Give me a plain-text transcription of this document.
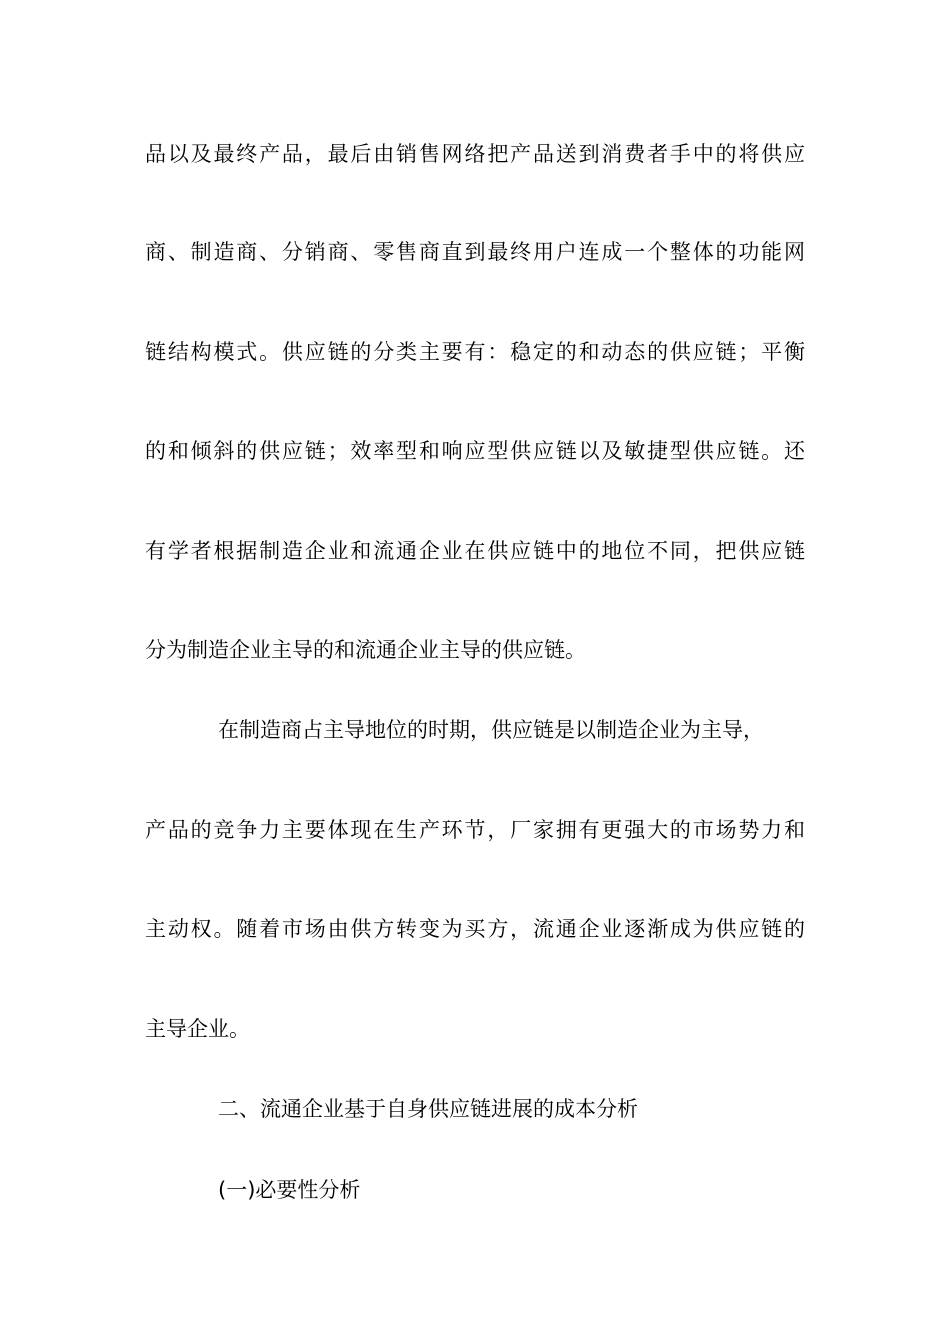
品以及最终产品，最后由销售网络把产品送到消费者手中的将供应
商、制造商、分销商、零售商直到最终用户连成一个整体的功能网
链结构模式。供应链的分类主要有：稳定的和动态的供应链；平衡
的和倾斜的供应链；效率型和响应型供应链以及敏捷型供应链。还
有学者根据制造企业和流通企业在供应链中的地位不同，把供应链
分为制造企业主导的和流通企业主导的供应链。
在制造商占主导地位的时期，供应链是以制造企业为主导，
产品的竞争力主要体现在生产环节，厂家拥有更强大的市场势力和
主动权。随着市场由供方转变为买方，流通企业逐渐成为供应链的
主导企业。
二、流通企业基于自身供应链进展的成本分析
(一)必要性分析
